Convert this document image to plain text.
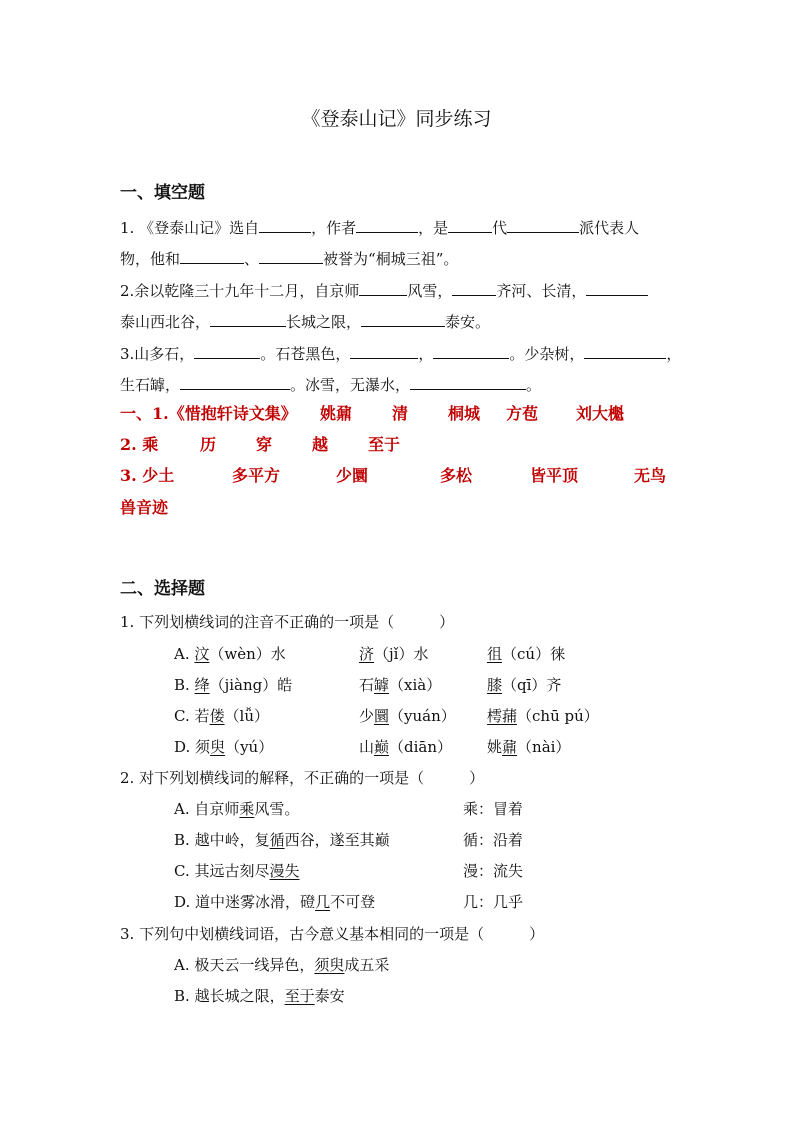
《登泰山记》同步练习
一、填空题
1. 《登泰山记》选自	，作者	，是	代	派代表人
物，他和	、	被誉为“桐城三祖”。
2.余以乾隆三十九年十二月，自京师	风雪，	齐河、长清，
泰山西北谷，	长城之限，	泰安。
3.山多石，	。石苍黑色，	，	。少杂树，	，
生石罅，	。冰雪，无瀑水，	。
一、1.《惜抱轩诗文集》 姚鼐 清 桐城 方苞 刘大櫆
2. 乘	历 穿 越 至于
3. 少土	多平方	少圜	多松	皆平顶	无鸟
兽音迹
二、选择题
1. 下列划横线词的注音不正确的一项是（　　　）
A. 汶（wèn）水	济（jǐ）水	徂（cú）徕
B. 绛（jiàng）皓	石罅（xià）	膝（qī）齐
C. 若偻（lǚ）	少圜（yuán） 樗蒱（chū pú）
D. 须臾（yú）	山巅（diān） 姚鼐（nài）
2. 对下列划横线词的解释，不正确的一项是（　　　）
A. 自京师乘风雪。	乘：冒着
B. 越中岭，复循西谷，遂至其巅	循：沿着
C. 其远古刻尽漫失	漫：流失
D. 道中迷雾冰滑，磴几不可登	几：几乎
3. 下列句中划横线词语，古今意义基本相同的一项是（　　　）
A. 极天云一线异色，须臾成五采
B. 越长城之限，至于泰安
